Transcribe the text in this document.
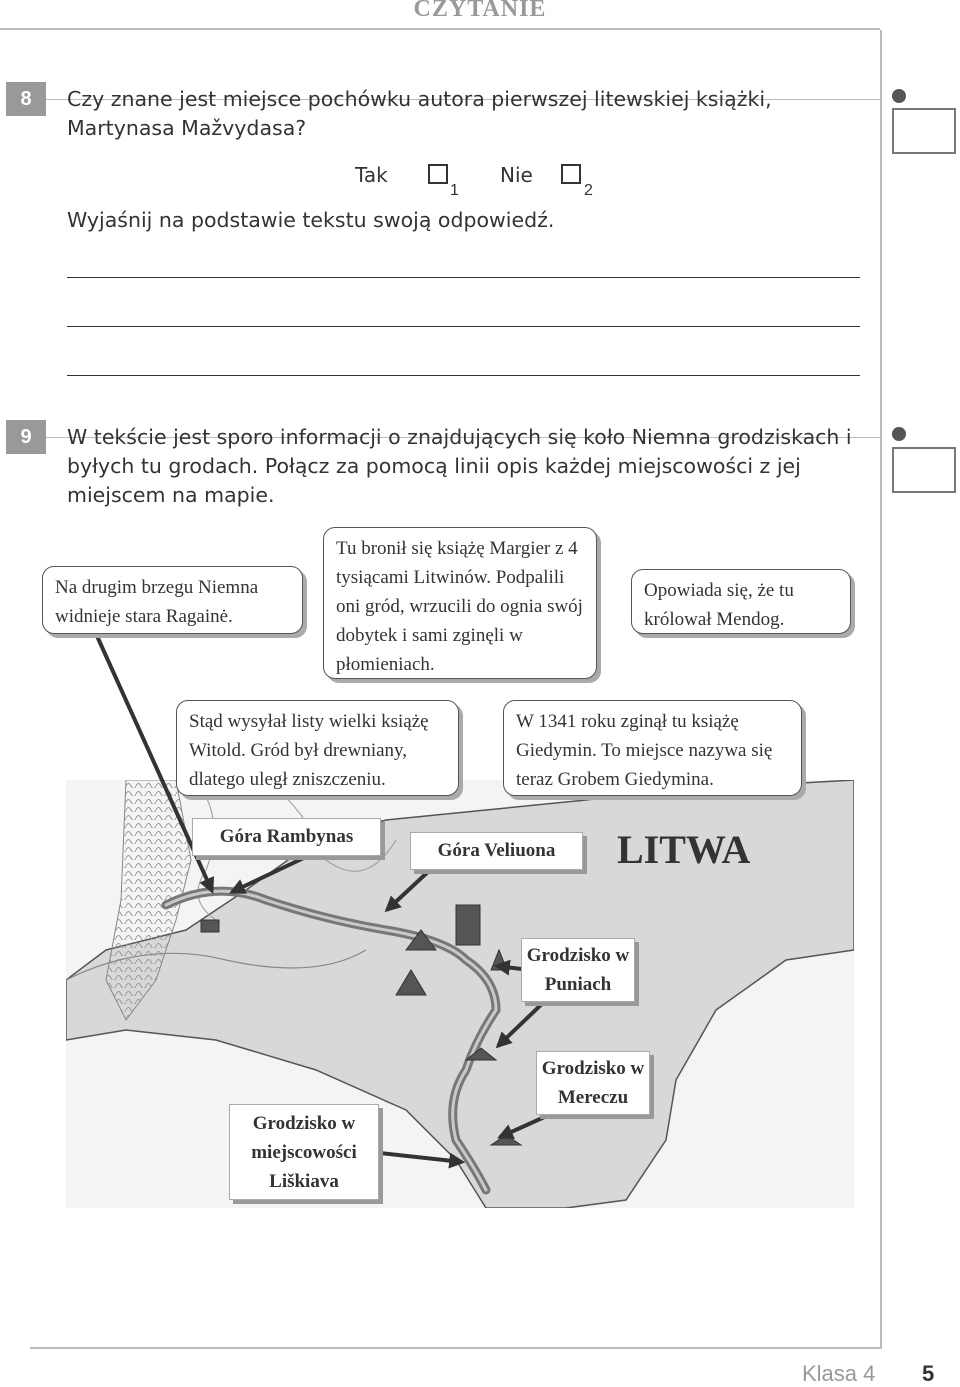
CZYTANIE
8	Czy znane jest miejsce pochówku autora pierwszej litewskiej książki, Martynasa Mažvydasa?
Tak
1
Nie
2
Wyjaśnij na podstawie tekstu swoją odpowiedź.
9	W tekście jest sporo informacji o znajdujących się koło Niemna grodziskach i byłych tu grodach. Połącz za pomocą linii opis każdej miejscowości z jej miejscem na mapie.
Na drugim brzegu Niemna widnieje stara Ragainė.
Tu bronił się książę Margier z 4 tysiącami Litwinów. Podpalili oni gród, wrzucili do ognia swój dobytek i sami zginęli w płomieniach.
Opowiada się, że tu królował Mendog.
Stąd wysyłał listy wielki książę Witold. Gród był drewniany, dlatego uległ zniszczeniu.
W 1341 roku zginął tu książę Giedymin. To miejsce nazywa się teraz Grobem Giedymina.
Góra Rambynas
Góra Veliuona	LITWA
Grodzisko w Puniach
Grodzisko w Mereczu
Grodzisko w miejscowości Liškiava
Klasa 4 5
